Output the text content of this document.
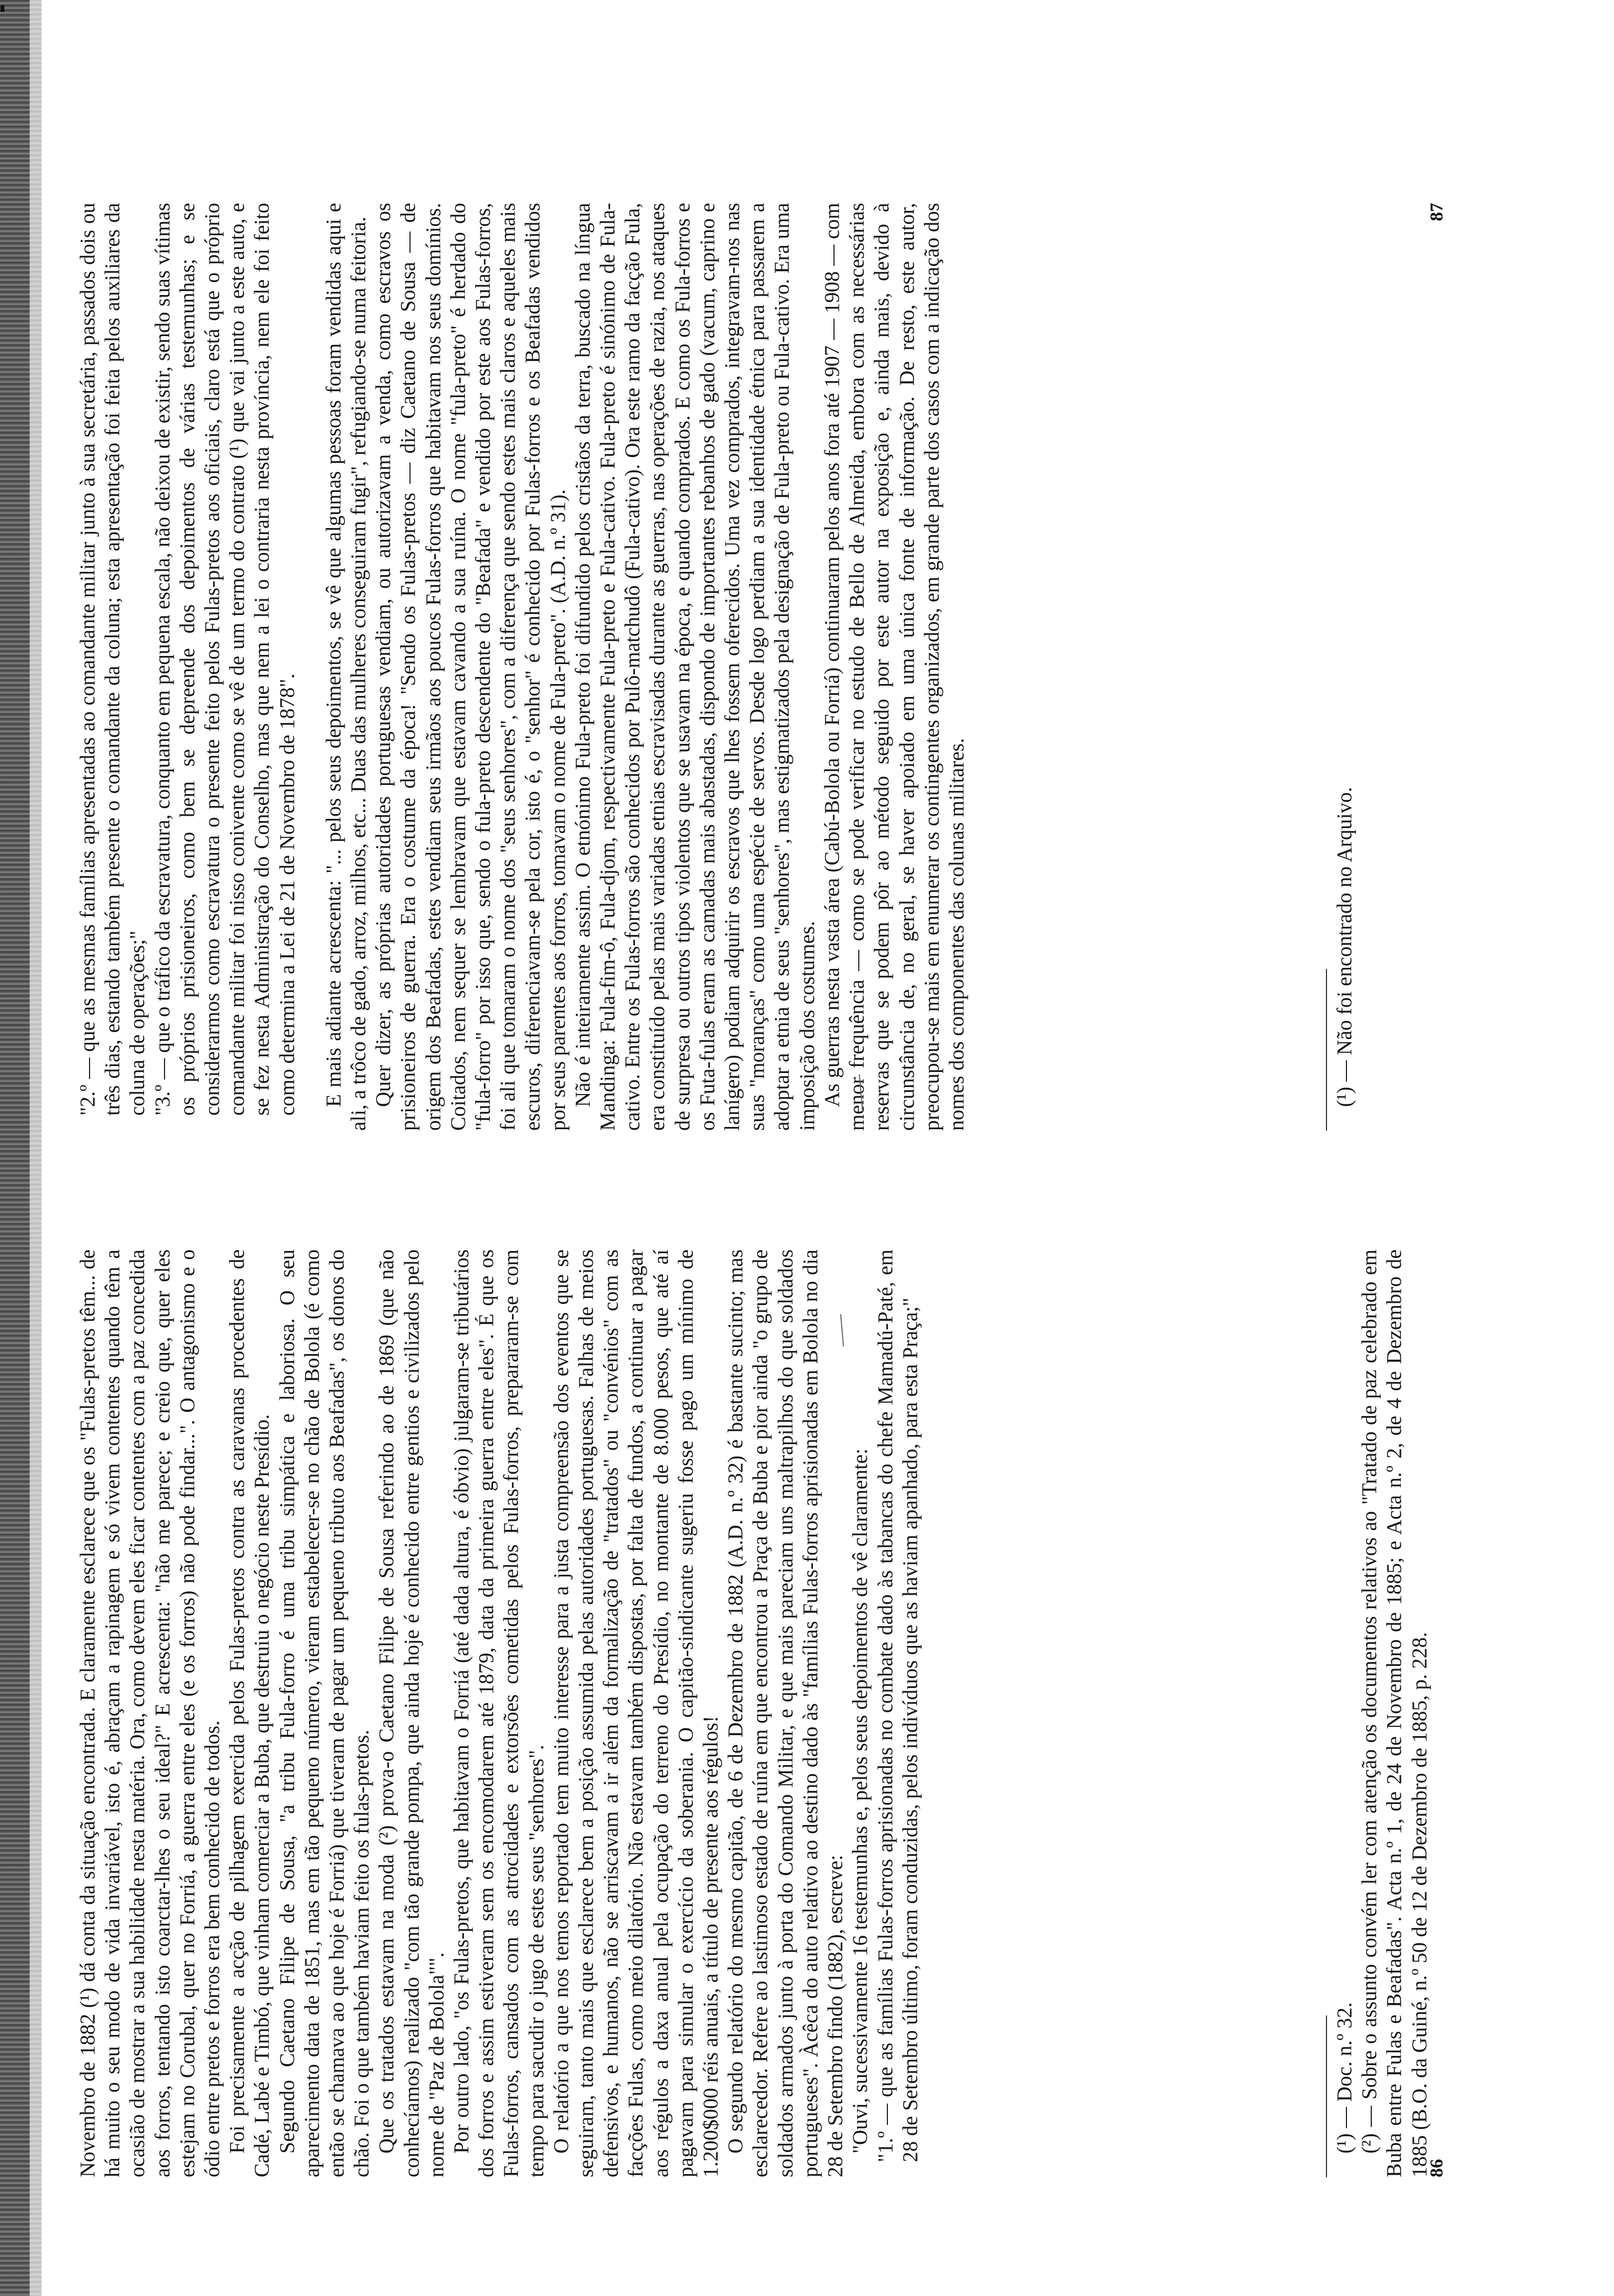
Novembro de 1882 (¹) dá conta da situação encontrada. E claramente esclarece que os "Fulas-pretos têm... de há muito o seu modo de vida invariável, isto é, abraçam a rapinagem e só vivem contentes quando têm a ocasião de mostrar a sua habilidade nesta matéria. Ora, como devem eles ficar contentes com a paz concedida aos forros, tentando isto coarctar-lhes o seu ideal?" E acrescenta: "não me parece; e creio que, quer eles estejam no Corubal, quer no Forriá, a guerra entre eles (e os forros) não pode findar...". O antagonismo e o ódio entre pretos e forros era bem conhecido de todos. Foi precisamente a acção de pilhagem exercida pelos Fulas-pretos contra as caravanas procedentes de Cadé, Labé e Timbó, que vinham comerciar a Buba, que destruiu o negócio neste Presídio. Segundo Caetano Filipe de Sousa, "a tribu Fula-forro é uma tribu simpática e laboriosa. O seu aparecimento data de 1851, mas em tão pequeno número, vieram estabelecer-se no chão de Bolola (é como então se chamava ao que hoje é Forriá) que tiveram de pagar um pequeno tributo aos Beafadas", os donos do chão. Foi o que também haviam feito os fulas-pretos. Que os tratados estavam na moda (²) prova-o Caetano Filipe de Sousa referindo ao de 1869 (que não conhecíamos) realizado "com tão grande pompa, que ainda hoje é conhecido entre gentios e civilizados pelo nome de "Paz de Bolola"". Por outro lado, "os Fulas-pretos, que habitavam o Forriá (até dada altura, é óbvio) julgaram-se tributários dos forros e assim estiveram sem os encomodarem até 1879, data da primeira guerra entre eles". É que os Fulas-forros, cansados com as atrocidades e extorsões cometidas pelos Fulas-forros, prepararam-se com tempo para sacudir o jugo de estes seus "senhores". O relatório a que nos temos reportado tem muito interesse para a justa compreensão dos eventos que se seguiram, tanto mais que esclarece bem a posição assumida pelas autoridades portuguesas. Falhas de meios defensivos, e humanos, não se arriscavam a ir além da formalização de "tratados" ou "convénios" com as facções Fulas, como meio dilatório. Não estavam também dispostas, por falta de fundos, a continuar a pagar aos régulos a daxa anual pela ocupação do terreno do Presídio, no montante de 8.000 pesos, que até aí pagavam para simular o exercício da soberania. O capitão-sindicante sugeriu fosse pago um mínimo de 1.200$000 réis anuais, a título de presente aos régulos! O segundo relatório do mesmo capitão, de 6 de Dezembro de 1882 (A.D. n.º 32) é bastante sucinto; mas esclarecedor. Refere ao lastimoso estado de ruína em que encontrou a Praça de Buba e pior ainda "o grupo de soldados armados junto à porta do Comando Militar, e que mais pareciam uns maltrapilhos do que soldados portugueses". Àcêca do auto relativo ao destino dado às "famílias Fulas-forros aprisionadas em Bolola no dia 28 de Setembro findo (1882), escreve: "Ouvi, sucessivamente 16 testemunhas e, pelos seus depoimentos de vê claramente: "1.º — que as famílias Fulas-forros aprisionadas no combate dado às tabancas do chefe Mamadú-Paté, em 28 de Setembro último, foram conduzidas, pelos indivíduos que as haviam apanhado, para esta Praça;"	(¹) — Doc. n.º 32. (²) — Sobre o assunto convém ler com atenção os documentos relativos ao "Tratado de paz celebrado em Buba entre Fulas e Beafadas". Acta n.º 1, de 24 de Novembro de 1885; e Acta n.º 2, de 4 de Dezembro de 1885 (B.O. da Guiné, n.º 50 de 12 de Dezembro de 1885, p. 228.

86

"2.º — que as mesmas famílias apresentadas ao comandante militar junto à sua secretária, passados dois ou três dias, estando também presente o comandante da coluna; esta apresentação foi feita pelos auxiliares da coluna de operações;" "3.º — que o tráfico da escravatura, conquanto em pequena escala, não deixou de existir, sendo suas vítimas os próprios prisioneiros, como bem se depreende dos depoimentos de várias testemunhas; e se considerarmos como escravatura o presente feito pelos Fulas-pretos aos oficiais, claro está que o próprio comandante militar foi nisso conivente como se vê de um termo do contrato (¹) que vai junto a este auto, e se fez nesta Administração do Conselho, mas que nem a lei o contraria nesta província, nem ele foi feito como determina a Lei de 21 de Novembro de 1878". E mais adiante acrescenta: "... pelos seus depoimentos, se vê que algumas pessoas foram vendidas aqui e ali, a trôco de gado, arroz, milhos, etc... Duas das mulheres conseguiram fugir", refugiando-se numa feitoria. Quer dizer, as próprias autoridades portuguesas vendiam, ou autorizavam a venda, como escravos os prisioneiros de guerra. Era o costume da época! "Sendo os Fulas-pretos — diz Caetano de Sousa — de origem dos Beafadas, estes vendiam seus irmãos aos poucos Fulas-forros que habitavam nos seus domínios. Coitados, nem sequer se lembravam que estavam cavando a sua ruína. O nome "fula-preto" é herdado do "fula-forro" por isso que, sendo o fula-preto descendente do "Beafada" e vendido por este aos Fulas-forros, foi ali que tomaram o nome dos "seus senhores", com a diferença que sendo estes mais claros e aqueles mais escuros, diferenciavam-se pela cor, isto é, o "senhor" é conhecido por Fulas-forros e os Beafadas vendidos por seus parentes aos forros, tomavam o nome de Fula-preto". (A.D. n.º 31). Não é inteiramente assim. O etnónimo Fula-preto foi difundido pelos cristãos da terra, buscado na língua Mandinga: Fula-fim-ô, Fula-djom, respectivamente Fula-preto e Fula-cativo. Fula-preto é sinónimo de Fula-cativo. Entre os Fulas-forros são conhecidos por Pulô-matchudô (Fula-cativo). Ora este ramo da facção Fula, era constituído pelas mais variadas etnias escravisadas durante as guerras, nas operações de razia, nos ataques de surpresa ou outros tipos violentos que se usavam na época, e quando comprados. E como os Fula-forros e os Futa-fulas eram as camadas mais abastadas, dispondo de importantes rebanhos de gado (vacum, caprino e lanígero) podiam adquirir os escravos que lhes fossem oferecidos. Uma vez comprados, integravam-nos nas suas "moranças" como uma espécie de servos. Desde logo perdiam a sua identidade étnica para passarem a adoptar a etnia de seus "senhores", mas estigmatizados pela designação de Fula-preto ou Fula-cativo. Era uma imposição dos costumes. As guerras nesta vasta área (Cabú-Bolola ou Forriá) continuaram pelos anos fora até 1907 — 1908 — com menor frequência — como se pode verificar no estudo de Bello de Almeida, embora com as necessárias reservas que se podem pôr ao método seguido por este autor na exposição e, ainda mais, devido à circunstância de, no geral, se haver apoiado em uma única fonte de informação. De resto, este autor, preocupou-se mais em enumerar os contingentes organizados, em grande parte dos casos com a indicação dos nomes dos componentes das colunas militares.	(¹) — Não foi encontrado no Arquivo.

87
